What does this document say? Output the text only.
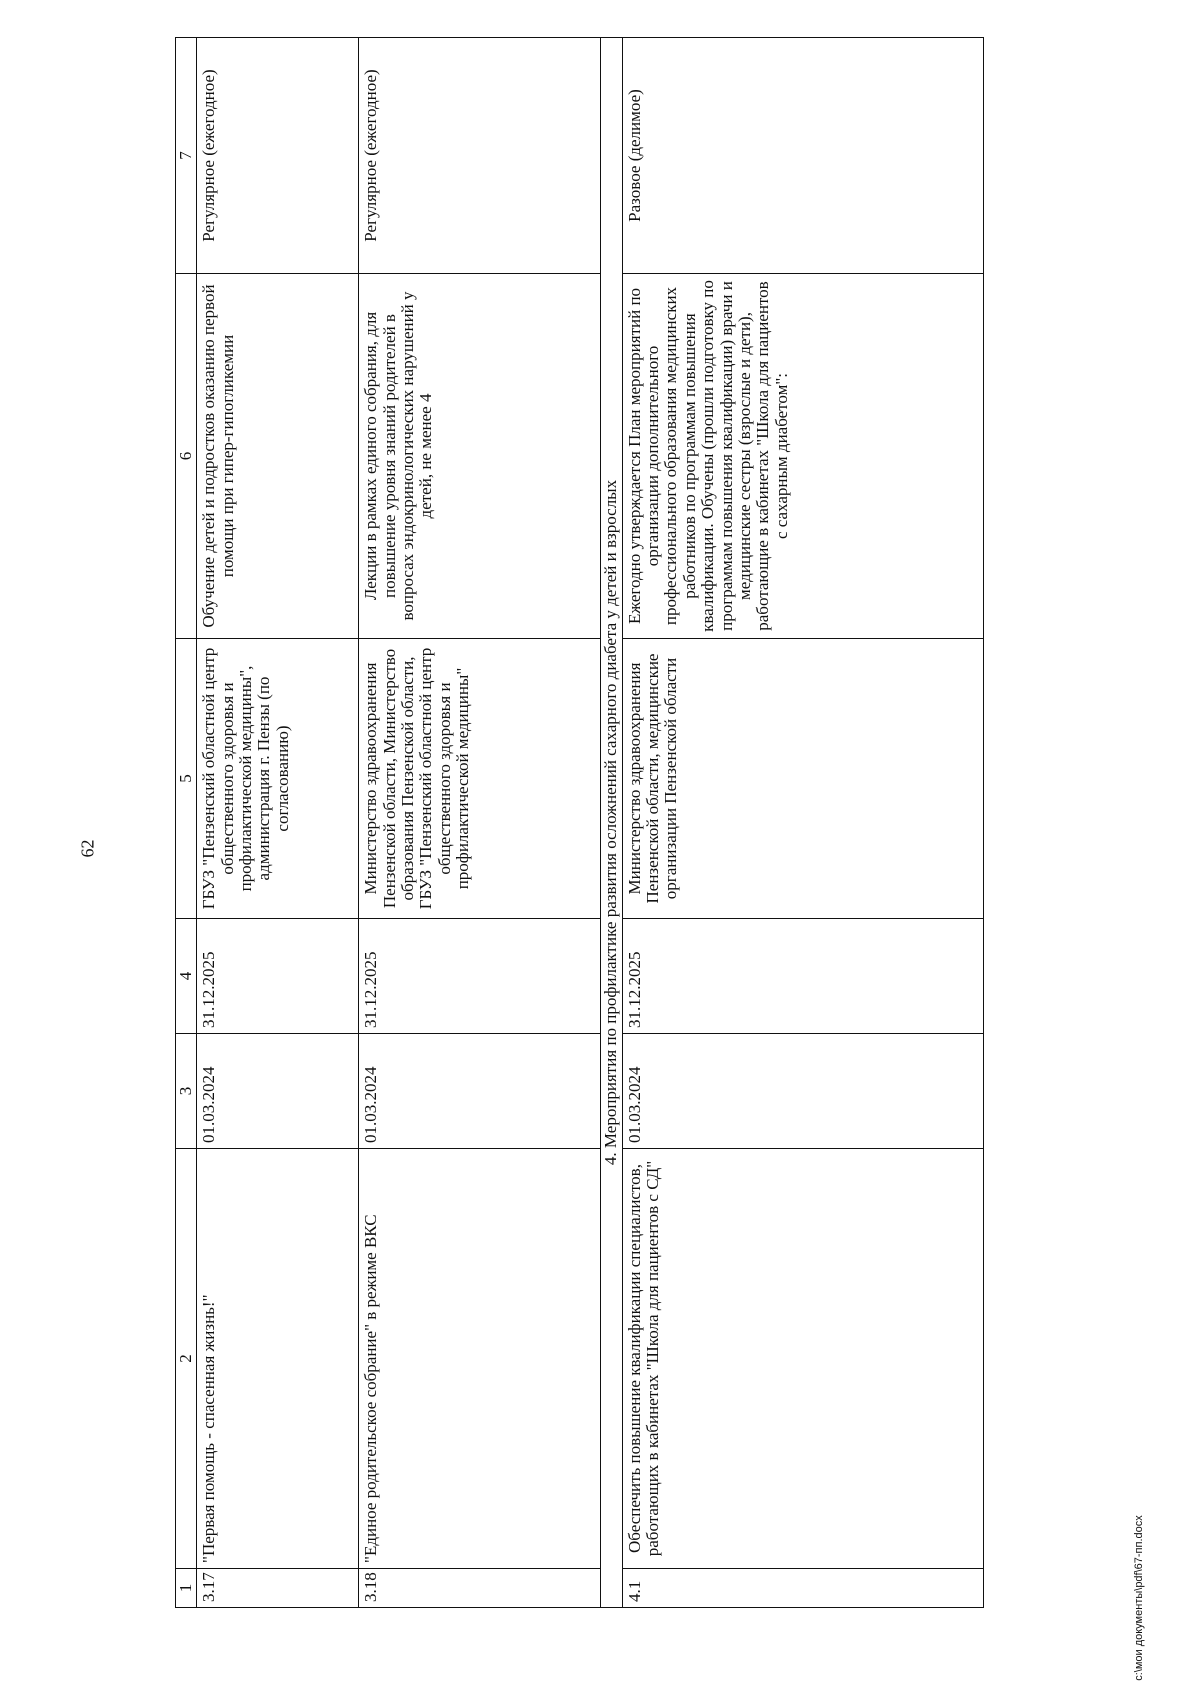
62
1	2	3	4	5	6	7
3.17	"Первая помощь - спасенная жизнь!"	01.03.2024	31.12.2025	ГБУЗ "Пензенский областной центр общественного здоровья и профилактической медицины", администрация г. Пензы (по согласованию)	Обучение детей и подростков оказанию первой помощи при гипер-гипогликемии	Регулярное (ежегодное)
3.18	"Единое родительское собрание" в режиме ВКС	01.03.2024	31.12.2025	Министерство здравоохранения Пензенской области, Министерство образования Пензенской области, ГБУЗ "Пензенский областной центр общественного здоровья и профилактической медицины"	Лекции в рамках единого собрания, для повышение уровня знаний родителей в вопросах эндокринологических нарушений у детей, не менее 4	Регулярное (ежегодное)
4. Мероприятия по профилактике развития осложнений сахарного диабета у детей и взрослых						
4.1	Обеспечить повышение квалификации специалистов, работающих в кабинетах "Школа для пациентов с СД"	01.03.2024	31.12.2025	Министерство здравоохранения Пензенской области, медицинские организации Пензенской области	Ежегодно утверждается План мероприятий по организации дополнительного профессионального образования медицинских работников по программам повышения квалификации. Обучены (прошли подготовку по программам повышения квалификации) врачи и медицинские сестры (взрослые и дети), работающие в кабинетах "Школа для пациентов с сахарным диабетом":	Разовое (делимое)
c:\мои документы\pdf\67-пп.docx
